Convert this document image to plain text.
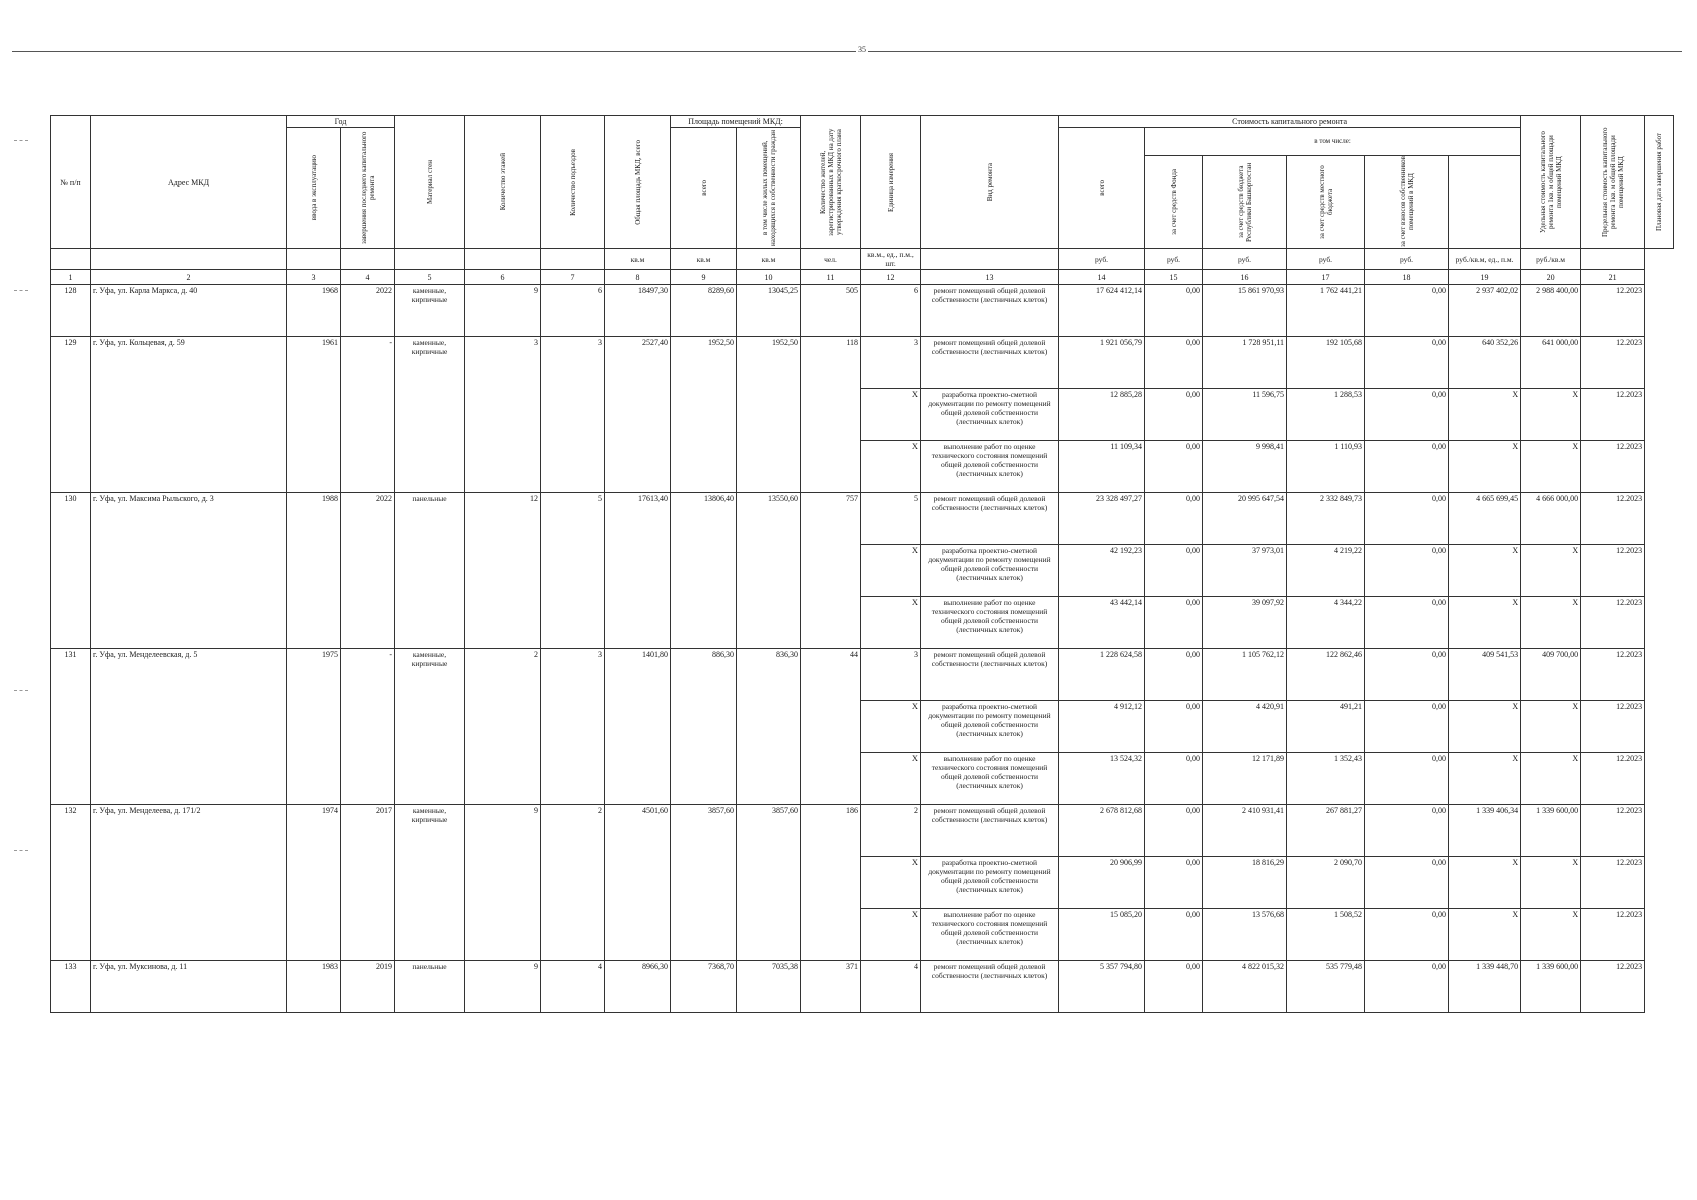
35
№ п/п	Адрес МКД	Год		Материал стен	Количество этажей	Количество подъездов	Общая площадь МКД, всего	Площадь помещений МКД:		Количество жителей, зарегистрированных в МКД на дату утверждения краткосрочного плана	Единица измерения	Вид ремонта	Стоимость капитального ремонта						Удельная стоимость капитального ремонта 1кв. м общей площади помещений МКД	Предельная стоимость капитального ремонта 1кв. м общей площади помещений МКД	Плановая дата завершения работ

		ввода в эксплуатацию	завершения последнего капитального ремонта					всего	в том числе жилых помещений, находящихся в собственности граждан				всего	в том числе:							

														за счет средств Фонда	за счет средств бюджета Республики Башкортостан	за счет средств местного бюджета	за счет взносов собственников помещений в МКД				

							кв.м	кв.м	кв.м	чел.	кв.м., ед., п.м., шт.		руб.	руб.	руб.	руб.	руб.	руб./кв.м, ед., п.м.	руб./кв.м		
1	2	3	4	5	6	7	8	9	10	11	12	13	14	15	16	17	18	19	20	21	
128	г. Уфа, ул. Карла Маркса, д. 40	1968	2022	каменные, кирпичные	9	6	18497,30	8289,60	13045,25	505	6	ремонт помещений общей долевой собственности (лестничных клеток)	17 624 412,14	0,00	15 861 970,93	1 762 441,21	0,00	2 937 402,02	2 988 400,00	12.2023	
129	г. Уфа, ул. Кольцевая, д. 59	1961	-	каменные, кирпичные	3	3	2527,40	1952,50	1952,50	118	3	ремонт помещений общей долевой собственности (лестничных клеток)	1 921 056,79	0,00	1 728 951,11	192 105,68	0,00	640 352,26	641 000,00	12.2023	
											X	разработка проектно-сметной документации по ремонту помещений общей долевой собственности (лестничных клеток)	12 885,28	0,00	11 596,75	1 288,53	0,00	X	X	12.2023	
											X	выполнение работ по оценке технического состояния помещений общей долевой собственности (лестничных клеток)	11 109,34	0,00	9 998,41	1 110,93	0,00	X	X	12.2023	
130	г. Уфа, ул. Максима Рыльского, д. 3	1988	2022	панельные	12	5	17613,40	13806,40	13550,60	757	5	ремонт помещений общей долевой собственности (лестничных клеток)	23 328 497,27	0,00	20 995 647,54	2 332 849,73	0,00	4 665 699,45	4 666 000,00	12.2023	
											X	разработка проектно-сметной документации по ремонту помещений общей долевой собственности (лестничных клеток)	42 192,23	0,00	37 973,01	4 219,22	0,00	X	X	12.2023	
											X	выполнение работ по оценке технического состояния помещений общей долевой собственности (лестничных клеток)	43 442,14	0,00	39 097,92	4 344,22	0,00	X	X	12.2023	
131	г. Уфа, ул. Менделеевская, д. 5	1975	-	каменные, кирпичные	2	3	1401,80	886,30	836,30	44	3	ремонт помещений общей долевой собственности (лестничных клеток)	1 228 624,58	0,00	1 105 762,12	122 862,46	0,00	409 541,53	409 700,00	12.2023	
											X	разработка проектно-сметной документации по ремонту помещений общей долевой собственности (лестничных клеток)	4 912,12	0,00	4 420,91	491,21	0,00	X	X	12.2023	
											X	выполнение работ по оценке технического состояния помещений общей долевой собственности (лестничных клеток)	13 524,32	0,00	12 171,89	1 352,43	0,00	X	X	12.2023	
132	г. Уфа, ул. Менделеева, д. 171/2	1974	2017	каменные, кирпичные	9	2	4501,60	3857,60	3857,60	186	2	ремонт помещений общей долевой собственности (лестничных клеток)	2 678 812,68	0,00	2 410 931,41	267 881,27	0,00	1 339 406,34	1 339 600,00	12.2023	
											X	разработка проектно-сметной документации по ремонту помещений общей долевой собственности (лестничных клеток)	20 906,99	0,00	18 816,29	2 090,70	0,00	X	X	12.2023	
											X	выполнение работ по оценке технического состояния помещений общей долевой собственности (лестничных клеток)	15 085,20	0,00	13 576,68	1 508,52	0,00	X	X	12.2023	
133	г. Уфа, ул. Муксинова, д. 11	1983	2019	панельные	9	4	8966,30	7368,70	7035,38	371	4	ремонт помещений общей долевой собственности (лестничных клеток)	5 357 794,80	0,00	4 822 015,32	535 779,48	0,00	1 339 448,70	1 339 600,00	12.2023	
